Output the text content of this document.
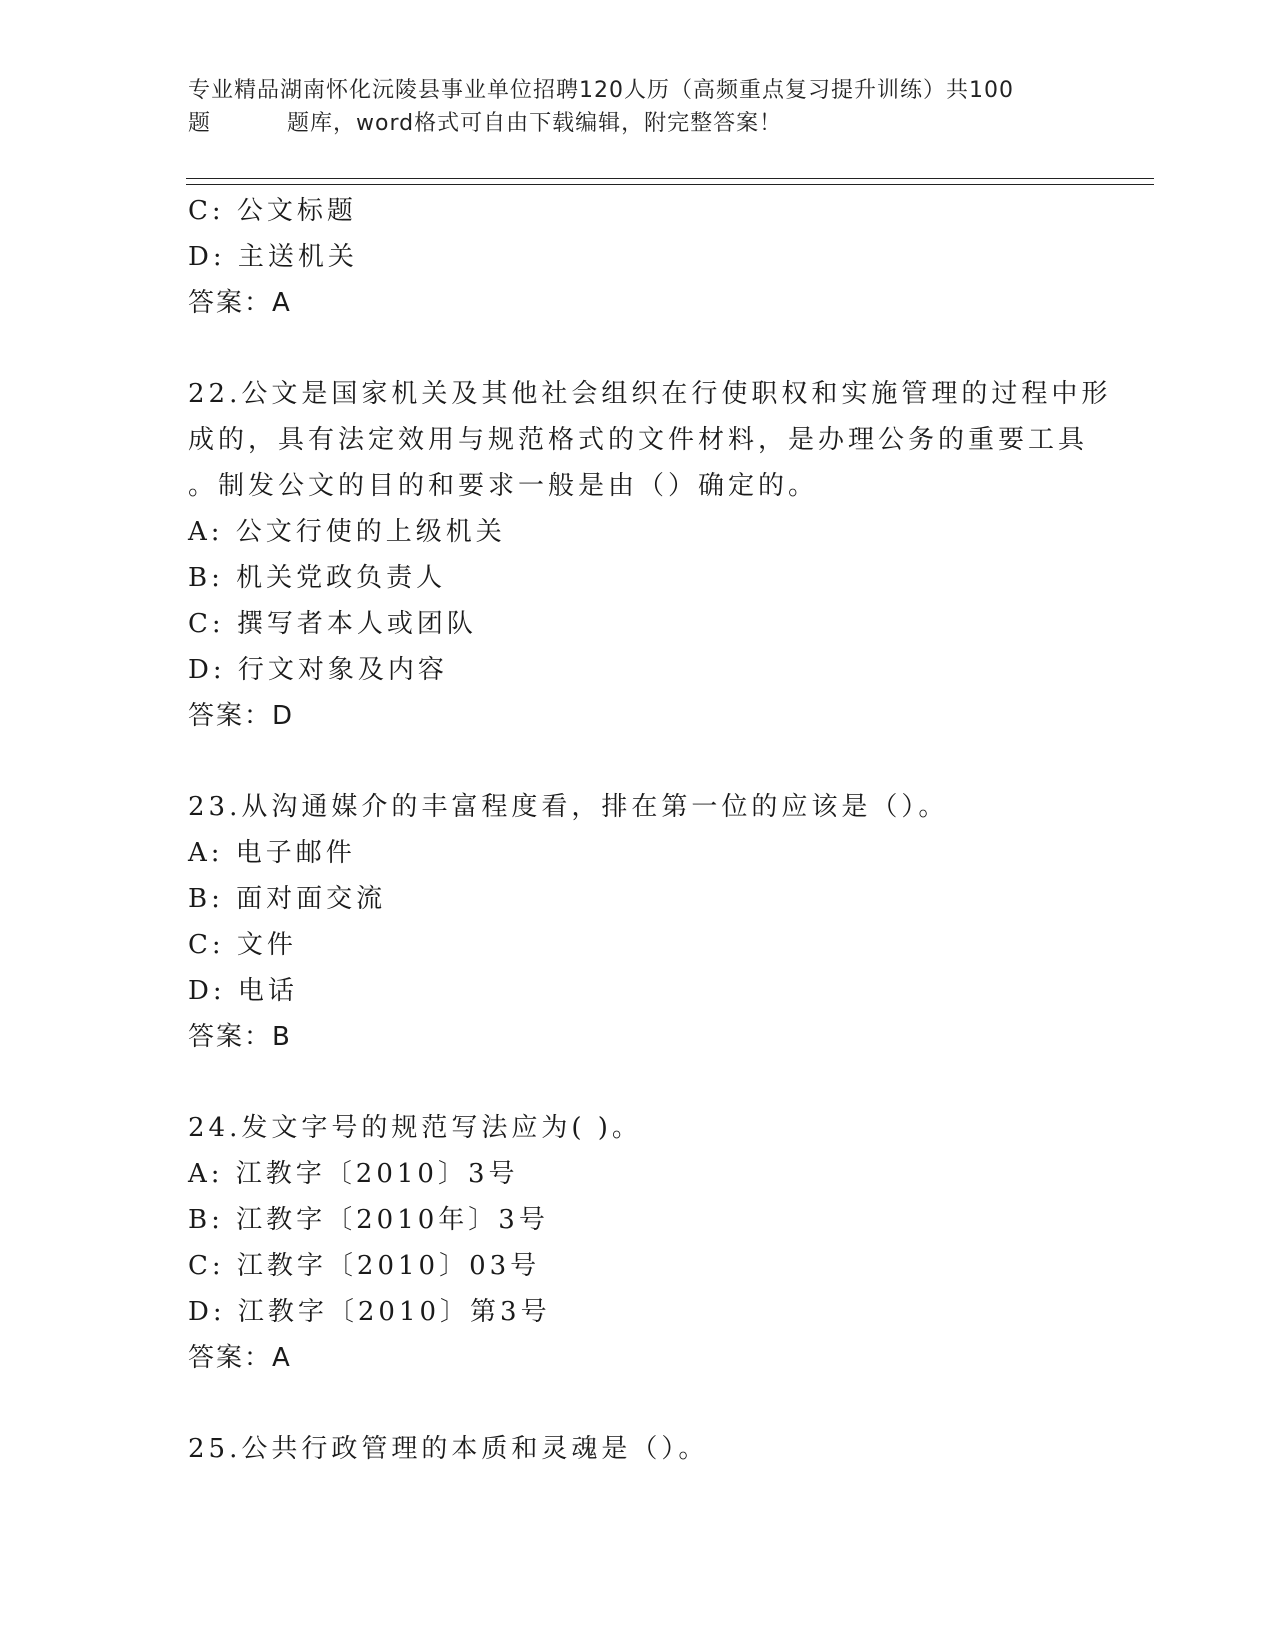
专业精品湖南怀化沅陵县事业单位招聘120人历（高频重点复习提升训练）共100
题	题库，word格式可自由下载编辑，附完整答案！
C: 公文标题
D: 主送机关
答案：A
22.公文是国家机关及其他社会组织在行使职权和实施管理的过程中形
成的，具有法定效用与规范格式的文件材料，是办理公务的重要工具
。制发公文的目的和要求一般是由（）确定的。
A: 公文行使的上级机关
B: 机关党政负责人
C: 撰写者本人或团队
D: 行文对象及内容
答案：D
23.从沟通媒介的丰富程度看，排在第一位的应该是（）。
A: 电子邮件
B: 面对面交流
C: 文件
D: 电话
答案：B
24.发文字号的规范写法应为( )。
A: 江教字〔2010〕3号
B: 江教字〔2010年〕3号
C: 江教字〔2010〕03号
D: 江教字〔2010〕第3号
答案：A
25.公共行政管理的本质和灵魂是（）。
